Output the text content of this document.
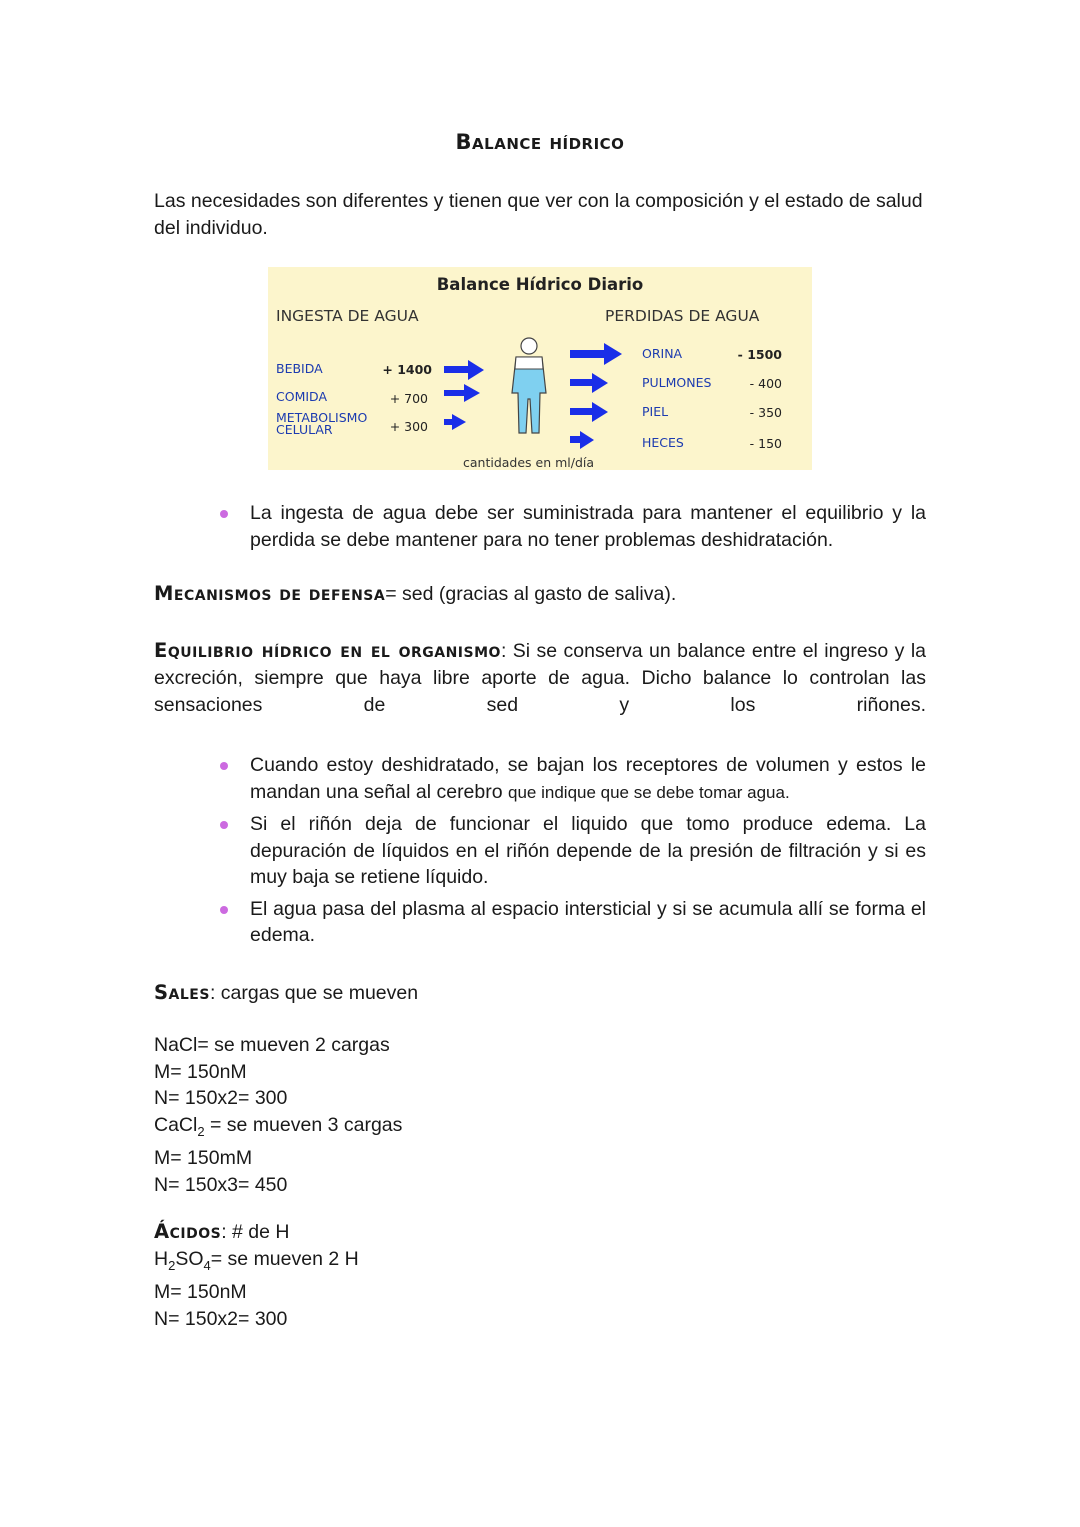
Balance hídrico
Las necesidades son diferentes y tienen que ver con la composición y el estado de salud del individuo.
Balance Hídrico Diario
INGESTA DE AGUA	PERDIDAS DE AGUA
BEBIDA	+ 1400
COMIDA	+ 700
METABOLISMO
CELULAR	+ 300
ORINA	- 1500
PULMONES	- 400
PIEL	- 350
HECES	- 150
cantidades en ml/día
La ingesta de agua debe ser suministrada para mantener el equilibrio y la perdida se debe mantener para no tener problemas deshidratación.
Mecanismos de defensa= sed (gracias al gasto de saliva).
Equilibrio hídrico en el organismo: Si se conserva un balance entre el ingreso y la excreción, siempre que haya libre aporte de agua. Dicho balance lo controlan las sensaciones de sed y los riñones.
Cuando estoy deshidratado, se bajan los receptores de volumen y estos le mandan una señal al cerebro que indique que se debe tomar agua.
Si el riñón deja de funcionar el liquido que tomo produce edema. La depuración de líquidos en el riñón depende de la presión de filtración y si es muy baja se retiene líquido.
El agua pasa del plasma al espacio intersticial y si se acumula allí se forma el edema.
Sales: cargas que se mueven
NaCl= se mueven 2 cargas
M= 150nM
N= 150x2= 300
CaCl$_2$ = se mueven 3 cargas
M= 150mM
N= 150x3= 450
Ácidos: # de H
$H_2SO_4=$ se mueven 2 H
M= 150nM
N= 150x2= 300
